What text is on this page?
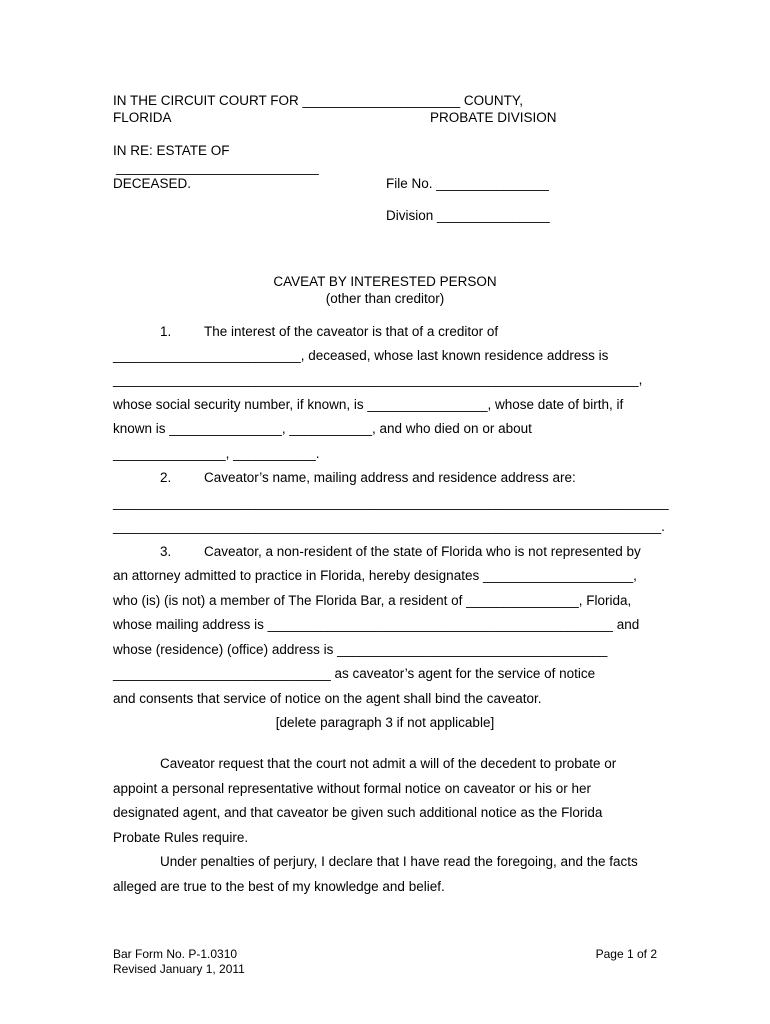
IN THE CIRCUIT COURT FOR _____________________ COUNTY,

FLORIDA	PROBATE DIVISION

IN RE: ESTATE OF

___________________________

DECEASED.	File No. _______________

Division _______________

CAVEAT BY INTERESTED PERSON

(other than creditor)

1. The interest of the caveator is that of a creditor of

_________________________, deceased, whose last known residence address is

______________________________________________________________________,

whose social security number, if known, is ________________, whose date of birth, if

known is _______________, ___________, and who died on or about

_______________, ___________.

2. Caveator’s name, mailing address and residence address are:

__________________________________________________________________________

_________________________________________________________________________.

3. Caveator, a non-resident of the state of Florida who is not represented by

an attorney admitted to practice in Florida, hereby designates ____________________,

who (is) (is not) a member of The Florida Bar, a resident of _______________, Florida,

whose mailing address is ______________________________________________ and

whose (residence) (office) address is ____________________________________

_____________________________ as caveator’s agent for the service of notice

and consents that service of notice on the agent shall bind the caveator.

[delete paragraph 3 if not applicable]

Caveator request that the court not admit a will of the decedent to probate or

appoint a personal representative without formal notice on caveator or his or her

designated agent, and that caveator be given such additional notice as the Florida

Probate Rules require.

Under penalties of perjury, I declare that I have read the foregoing, and the facts

alleged are true to the best of my knowledge and belief.

Bar Form No. P-1.0310

Revised January 1, 2011

Page 1 of 2
